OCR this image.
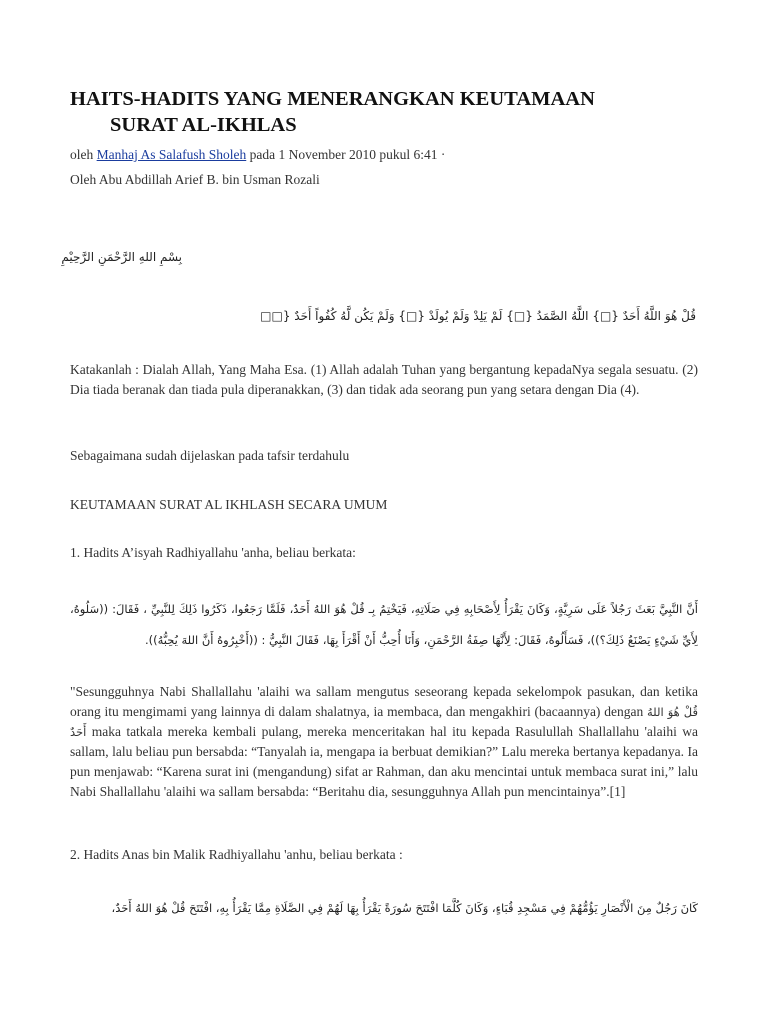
HAITS-HADITS YANG MENERANGKAN KEUTAMAAN

SURAT AL-IKHLAS
oleh Manhaj As Salafush Sholeh pada 1 November 2010 pukul 6:41 ·
Oleh Abu Abdillah Arief B. bin Usman Rozali
بِسْمِ اللهِ الرَّحْمَنِ الرَّحِيْمِ
قُلْ هُوَ اللَّهُ أَحَدٌ {□} اللَّهُ الصَّمَدُ {□} لَمْ يَلِدْ وَلَمْ يُولَدْ {□} وَلَمْ يَكُن لَّهُ كُفُواً أَحَدٌ {□□

Katakanlah : Dialah Allah, Yang Maha Esa. (1) Allah adalah Tuhan yang bergantung kepadaNya segala sesuatu. (2) Dia tiada beranak dan tiada pula diperanakkan, (3) dan tidak ada seorang pun yang setara dengan Dia (4).

Sebagaimana sudah dijelaskan pada tafsir terdahulu

KEUTAMAAN SURAT AL IKHLASH SECARA UMUM
1. Hadits A’isyah Radhiyallahu 'anha, beliau berkata:
أَنَّ النَّبِيَّ بَعَثَ رَجُلاً عَلَى سَرِيَّةٍ، وَكَانَ يَقْرَأُ لِأَصْحَابِهِ فِي صَلَاتِهِ، فَيَخْتِمُ بِـ قُلْ هُوَ اللهُ أَحَدٌ، فَلَمَّا رَجَعُوا، ذَكَرُوا ذَلِكَ لِلنَّبِيِّ ، فَقَالَ: ((سَلُوهُ، لِأَيِّ شَيْءٍ يَصْنَعُ ذَلِكَ؟))، فَسَأَلُوهُ، فَقَالَ: لِأَنَّهَا صِفَةُ الرَّحْمَنِ، وَأَنَا أُحِبُّ أَنْ أَقْرَأَ بِهَا، فَقَالَ النَّبِيُّ : ((أَخْبِرُوهُ أَنَّ اللهَ يُحِبُّهُ)).

"Sesungguhnya Nabi Shallallahu 'alaihi wa sallam mengutus seseorang kepada sekelompok pasukan, dan ketika orang itu mengimami yang lainnya di dalam shalatnya, ia membaca, dan mengakhiri (bacaannya) dengan قُلْ هُوَ اللهُ أَحَدٌ maka tatkala mereka kembali pulang, mereka menceritakan hal itu kepada Rasulullah Shallallahu 'alaihi wa sallam, lalu beliau pun bersabda: “Tanyalah ia, mengapa ia berbuat demikian?” Lalu mereka bertanya kepadanya. Ia pun menjawab: “Karena surat ini (mengandung) sifat ar Rahman, dan aku mencintai untuk membaca surat ini,” lalu Nabi Shallallahu 'alaihi wa sallam bersabda: “Beritahu dia, sesungguhnya Allah pun mencintainya”.[1]

2. Hadits Anas bin Malik Radhiyallahu 'anhu, beliau berkata :
كَانَ رَجُلٌ مِنَ الْأَنْصَارِ يَؤُمُّهُمْ فِي مَسْجِدِ قُبَاءٍ، وَكَانَ كُلَّمَا افْتَتَحَ سُورَةً يَقْرَأُ بِهَا لَهُمْ فِي الصَّلَاةِ مِمَّا يَقْرَأُ بِهِ، افْتَتَحَ قُلْ هُوَ اللهُ أَحَدٌ،
